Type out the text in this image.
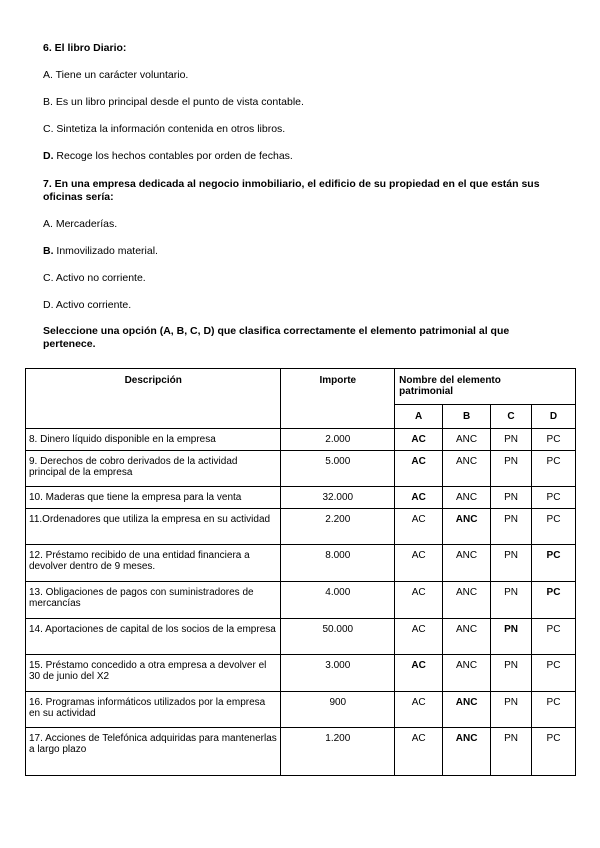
6. El libro Diario:
A. Tiene un carácter voluntario.
B. Es un libro principal desde el punto de vista contable.
C. Sintetiza la información contenida en otros libros.
D. Recoge los hechos contables por orden de fechas.
7. En una empresa dedicada al negocio inmobiliario, el edificio de su propiedad en el que están sus oficinas sería:
A. Mercaderías.
B. Inmovilizado material.
C. Activo no corriente.
D. Activo corriente.
Seleccione una opción (A, B, C, D) que clasifica correctamente el elemento patrimonial al que pertenece.
Descripción	Importe	Nombre del elemento patrimonial			
		A	B	C	D
8. Dinero líquido disponible en la empresa	2.000	AC	ANC	PN	PC
9. Derechos de cobro derivados de la actividad principal de la empresa	5.000	AC	ANC	PN	PC
10. Maderas que tiene la empresa para la venta	32.000	AC	ANC	PN	PC
11.Ordenadores que utiliza la empresa en su actividad	2.200	AC	ANC	PN	PC
12. Préstamo recibido de una entidad financiera a devolver dentro de 9 meses.	8.000	AC	ANC	PN	PC
13. Obligaciones de pagos con suministradores de mercancías	4.000	AC	ANC	PN	PC
14. Aportaciones de capital de los socios de la empresa	50.000	AC	ANC	PN	PC
15. Préstamo concedido a otra empresa a devolver el 30 de junio del X2	3.000	AC	ANC	PN	PC
16. Programas informáticos utilizados por la empresa en su actividad	900	AC	ANC	PN	PC
17. Acciones de Telefónica adquiridas para mantenerlas a largo plazo	1.200	AC	ANC	PN	PC
